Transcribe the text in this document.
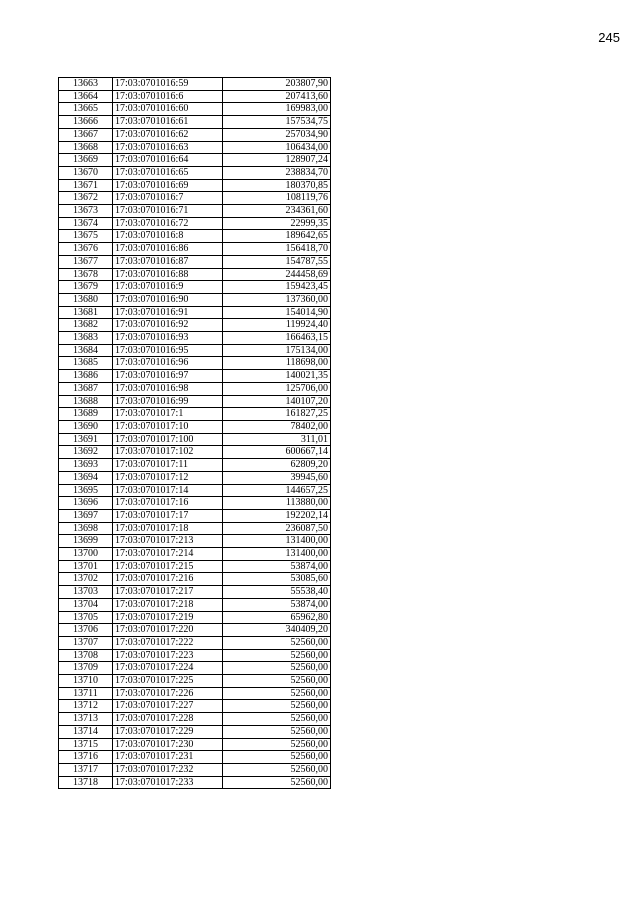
245
13663	17:03:0701016:59	203807,90
13664	17:03:0701016:6	207413,60
13665	17:03:0701016:60	169983,00
13666	17:03:0701016:61	157534,75
13667	17:03:0701016:62	257034,90
13668	17:03:0701016:63	106434,00
13669	17:03:0701016:64	128907,24
13670	17:03:0701016:65	238834,70
13671	17:03:0701016:69	180370,85
13672	17:03:0701016:7	108119,76
13673	17:03:0701016:71	234361,60
13674	17:03:0701016:72	22999,35
13675	17:03:0701016:8	189642,65
13676	17:03:0701016:86	156418,70
13677	17:03:0701016:87	154787,55
13678	17:03:0701016:88	244458,69
13679	17:03:0701016:9	159423,45
13680	17:03:0701016:90	137360,00
13681	17:03:0701016:91	154014,90
13682	17:03:0701016:92	119924,40
13683	17:03:0701016:93	166463,15
13684	17:03:0701016:95	175134,00
13685	17:03:0701016:96	118698,00
13686	17:03:0701016:97	140021,35
13687	17:03:0701016:98	125706,00
13688	17:03:0701016:99	140107,20
13689	17:03:0701017:1	161827,25
13690	17:03:0701017:10	78402,00
13691	17:03:0701017:100	311,01
13692	17:03:0701017:102	600667,14
13693	17:03:0701017:11	62809,20
13694	17:03:0701017:12	39945,60
13695	17:03:0701017:14	144657,25
13696	17:03:0701017:16	113880,00
13697	17:03:0701017:17	192202,14
13698	17:03:0701017:18	236087,50
13699	17:03:0701017:213	131400,00
13700	17:03:0701017:214	131400,00
13701	17:03:0701017:215	53874,00
13702	17:03:0701017:216	53085,60
13703	17:03:0701017:217	55538,40
13704	17:03:0701017:218	53874,00
13705	17:03:0701017:219	65962,80
13706	17:03:0701017:220	340409,20
13707	17:03:0701017:222	52560,00
13708	17:03:0701017:223	52560,00
13709	17:03:0701017:224	52560,00
13710	17:03:0701017:225	52560,00
13711	17:03:0701017:226	52560,00
13712	17:03:0701017:227	52560,00
13713	17:03:0701017:228	52560,00
13714	17:03:0701017:229	52560,00
13715	17:03:0701017:230	52560,00
13716	17:03:0701017:231	52560,00
13717	17:03:0701017:232	52560,00
13718	17:03:0701017:233	52560,00
